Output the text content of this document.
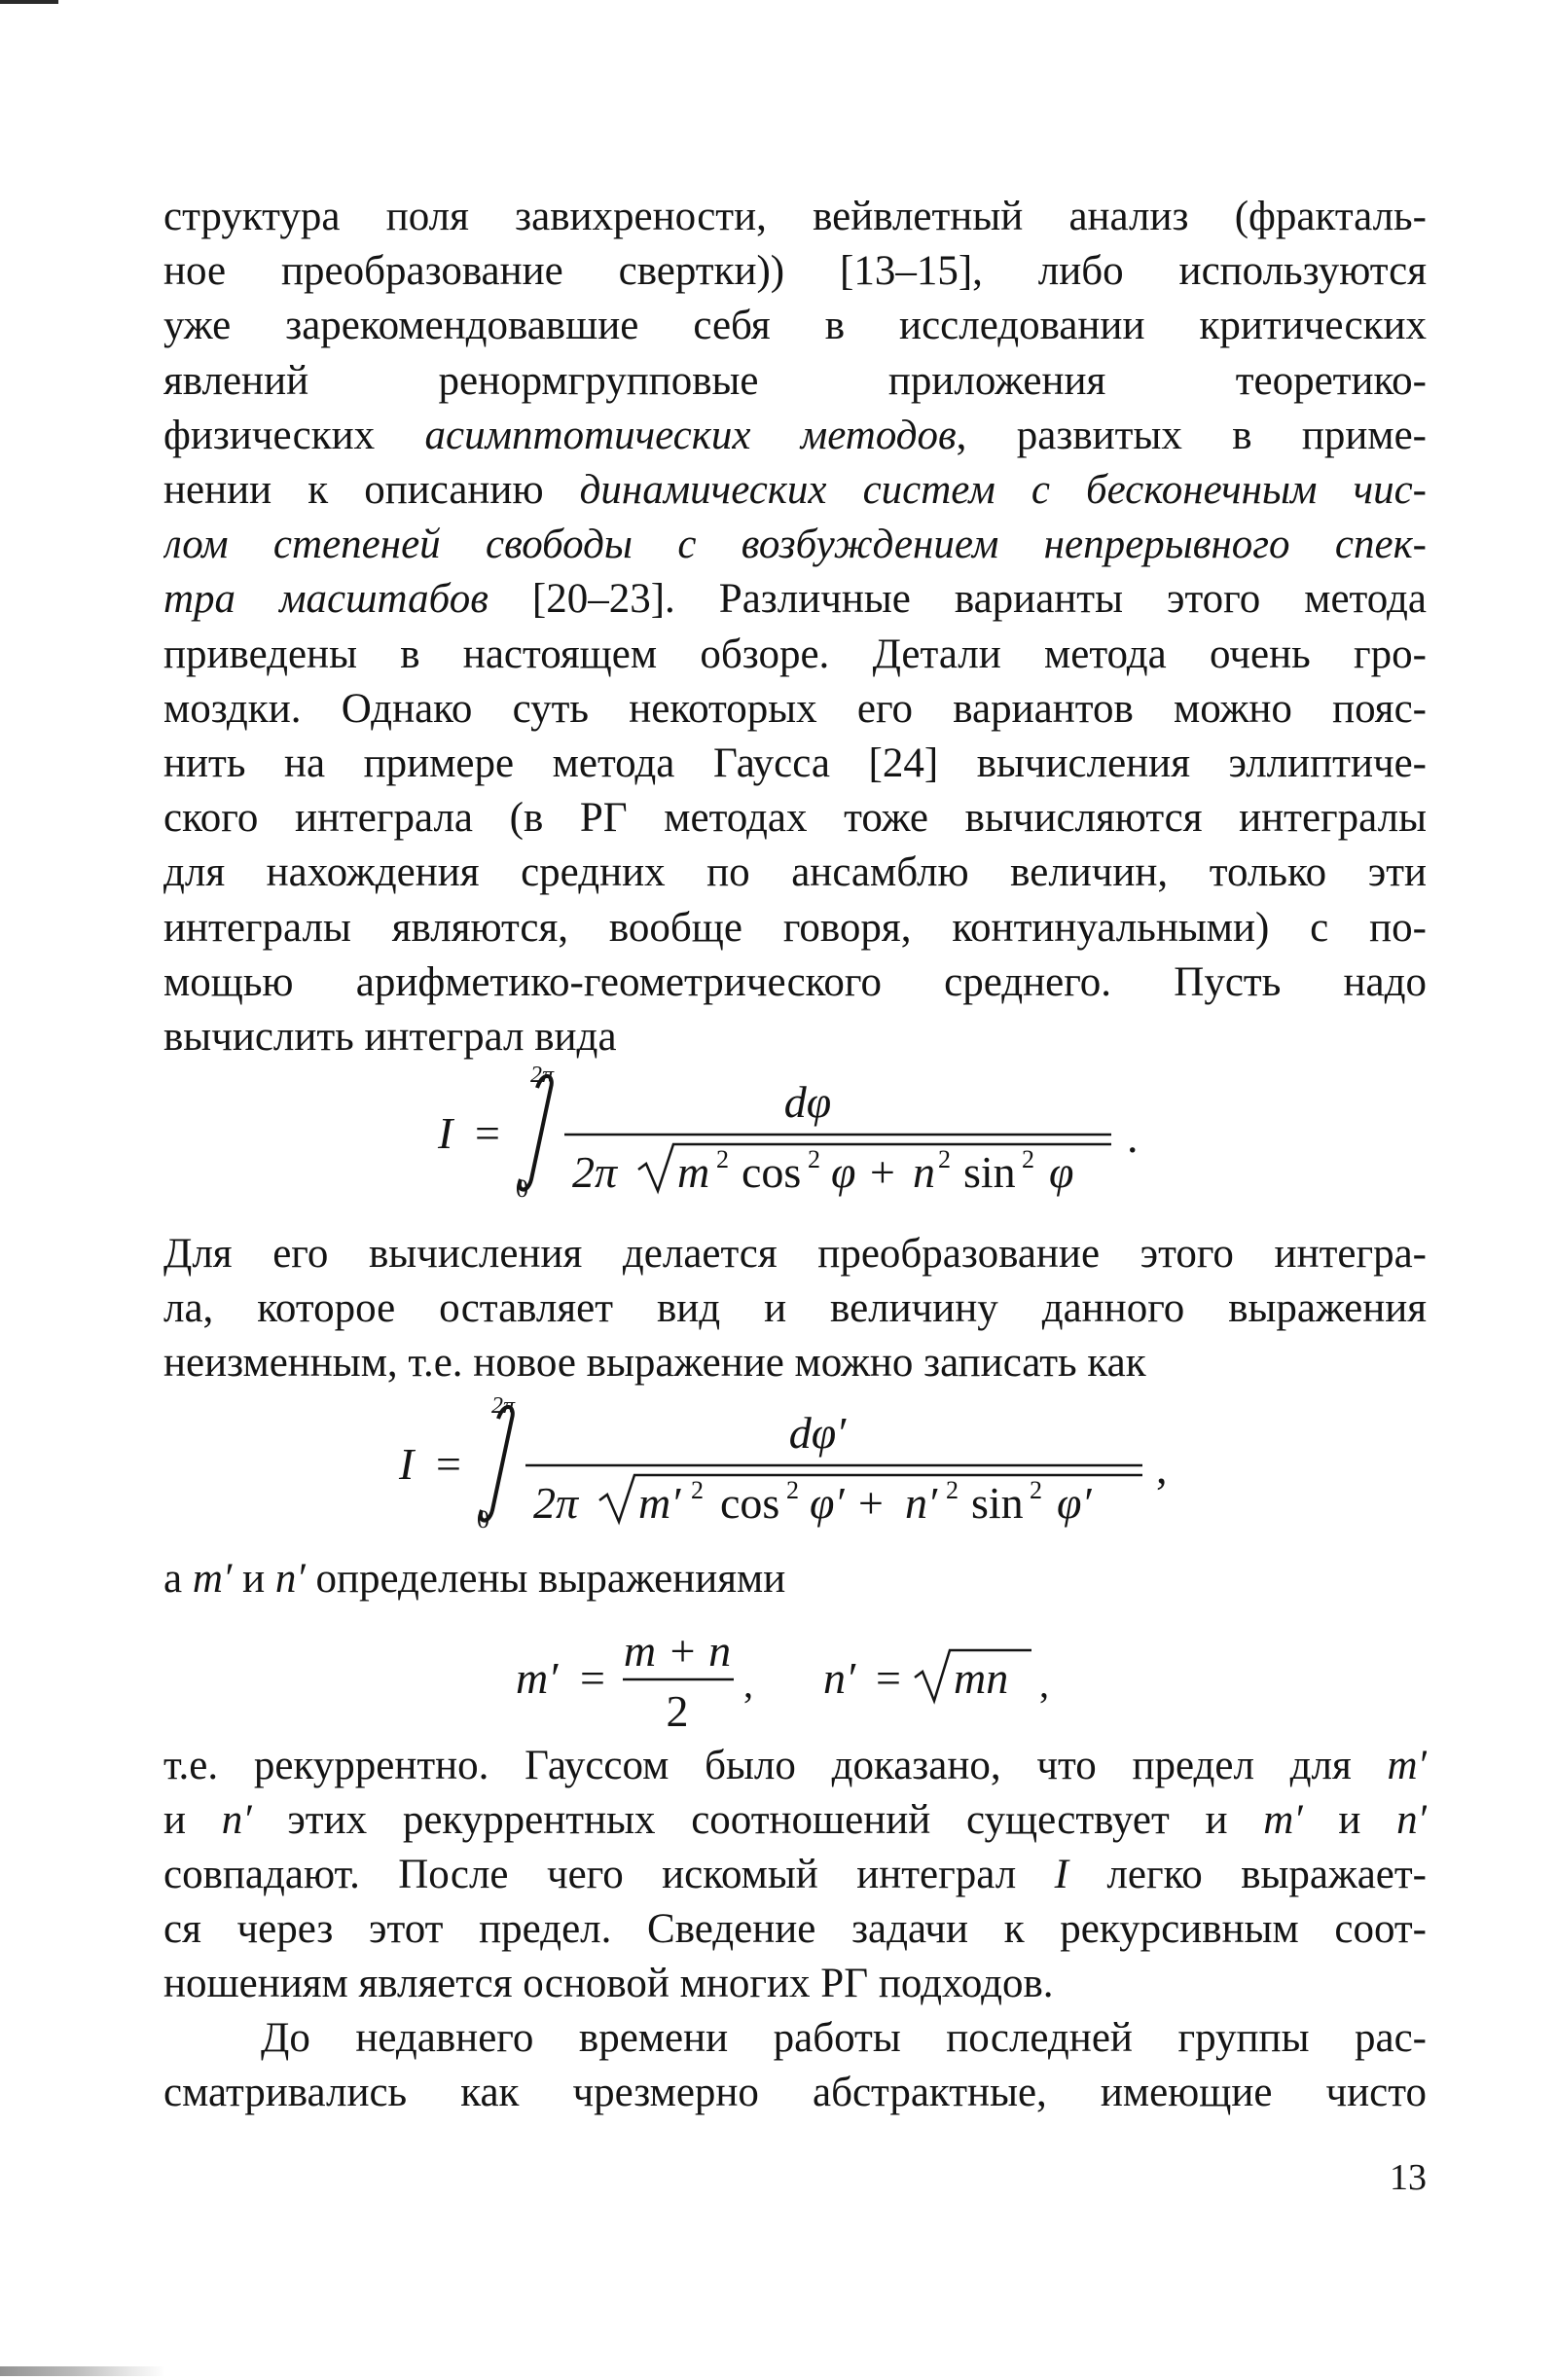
структура поля завихрености, вейвлетный анализ (фракталь-
ное преобразование свертки)) [13–15], либо используются
уже зарекомендовавшие себя в исследовании критических
явлений ренормгрупповые приложения теоретико-
физических асимптотических методов, развитых в приме-
нении к описанию динамических систем с бесконечным чис-
лом степеней свободы с возбуждением непрерывного спек-
тра масштабов [20–23]. Различные варианты этого метода
приведены в настоящем обзоре. Детали метода очень гро-
моздки. Однако суть некоторых его вариантов можно пояс-
нить на примере метода Гаусса [24] вычисления эллиптиче-
ского интеграла (в РГ методах тоже вычисляются интегралы
для нахождения средних по ансамблю величин, только эти
интегралы являются, вообще говоря, континуальными) с по-
мощью арифметико-геометрического среднего. Пусть надо
вычислить интеграл вида
I =
2π
0
dφ
2π m 2 cos 2 φ + n 2 sin 2 φ
.
Для его вычисления делается преобразование этого интегра-
ла, которое оставляет вид и величину данного выражения
неизменным, т.е. новое выражение можно записать как
I =
2π
0
dφ′
2π m′ 2 cos 2 φ′ + n′ 2 sin 2 φ′
,
а m′ и n′ определены выражениями
m′ =
m + n
2
, n′ = mn ,
т.е. рекуррентно. Гауссом было доказано, что предел для m′
и n′ этих рекуррентных соотношений существует и m′ и n′
совпадают. После чего искомый интеграл I легко выражает-
ся через этот предел. Сведение задачи к рекурсивным соот-
ношениям является основой многих РГ подходов.
До недавнего времени работы последней группы рас-
сматривались как чрезмерно абстрактные, имеющие чисто
13
